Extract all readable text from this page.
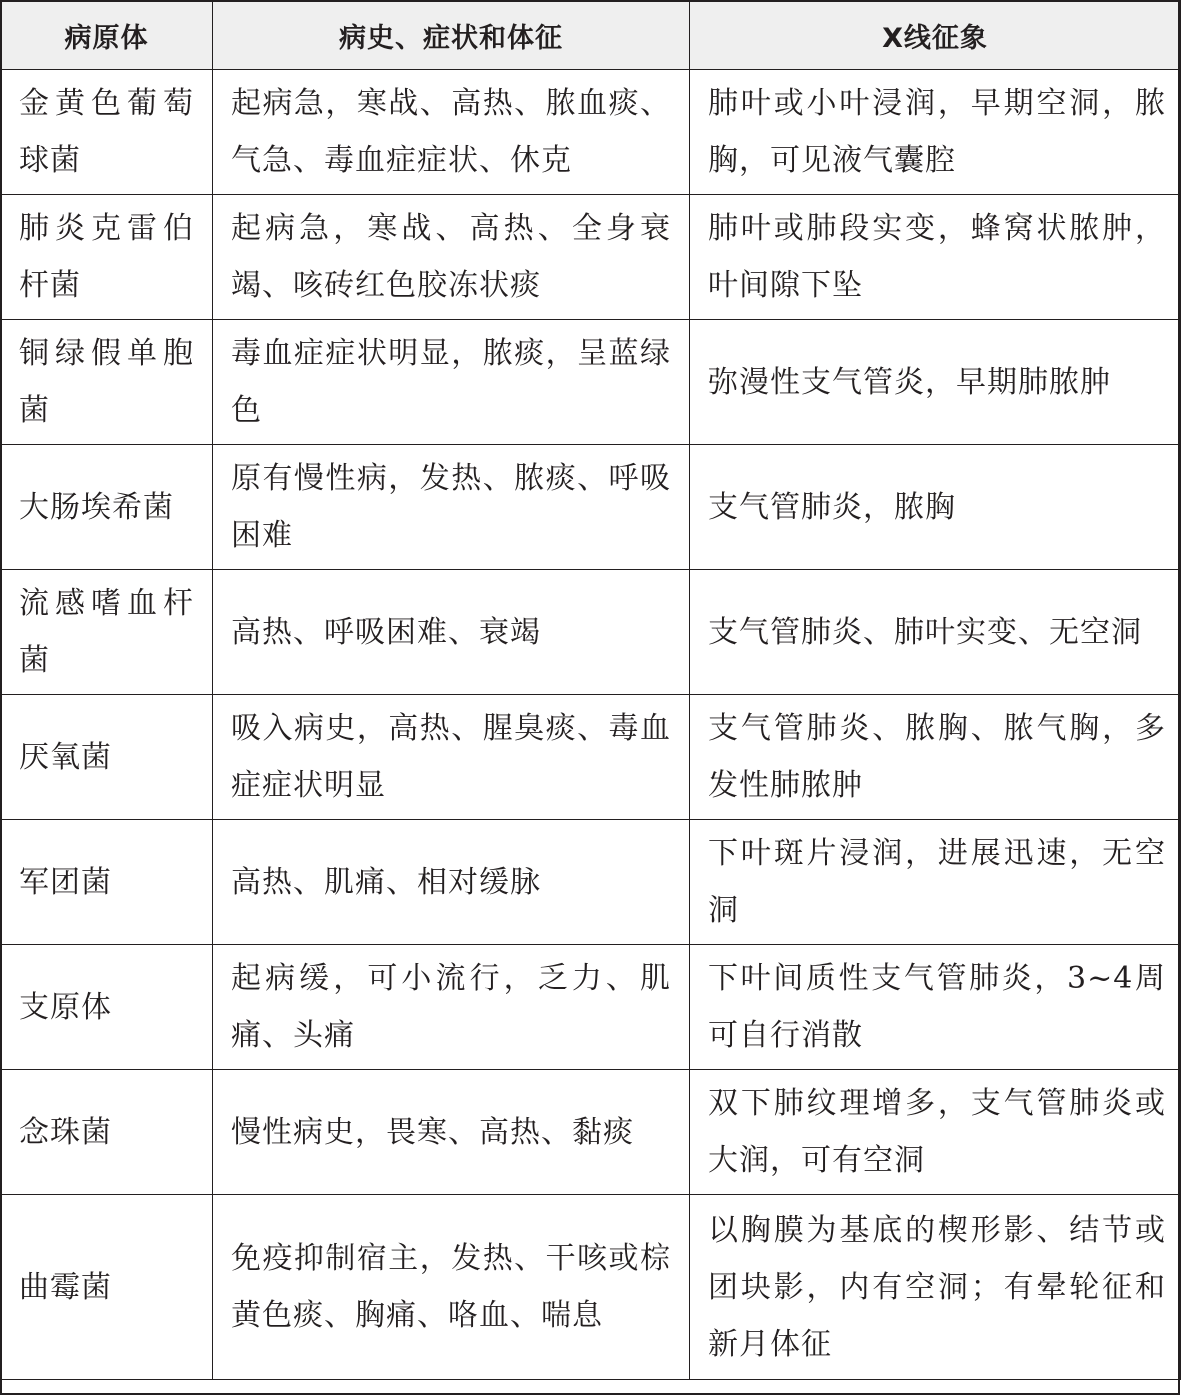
病原体	病史、症状和体征	X线征象
金黄色葡萄球菌	起病急，寒战、高热、脓血痰、气急、毒血症症状、休克	肺叶或小叶浸润，早期空洞，脓胸，可见液气囊腔
肺炎克雷伯杆菌	起病急，寒战、高热、全身衰竭、咳砖红色胶冻状痰	肺叶或肺段实变，蜂窝状脓肿，叶间隙下坠
铜绿假单胞菌	毒血症症状明显，脓痰，呈蓝绿色	弥漫性支气管炎，早期肺脓肿
大肠埃希菌	原有慢性病，发热、脓痰、呼吸困难	支气管肺炎，脓胸
流感嗜血杆菌	高热、呼吸困难、衰竭	支气管肺炎、肺叶实变、无空洞
厌氧菌	吸入病史，高热、腥臭痰、毒血症症状明显	支气管肺炎、脓胸、脓气胸，多发性肺脓肿
军团菌	高热、肌痛、相对缓脉	下叶斑片浸润，进展迅速，无空洞
支原体	起病缓，可小流行，乏力、肌痛、头痛	下叶间质性支气管肺炎，3~4周可自行消散
念珠菌	慢性病史，畏寒、高热、黏痰	双下肺纹理增多，支气管肺炎或大润，可有空洞
曲霉菌	免疫抑制宿主，发热、干咳或棕黄色痰、胸痛、咯血、喘息	以胸膜为基底的楔形影、结节或团块影，内有空洞；有晕轮征和新月体征
